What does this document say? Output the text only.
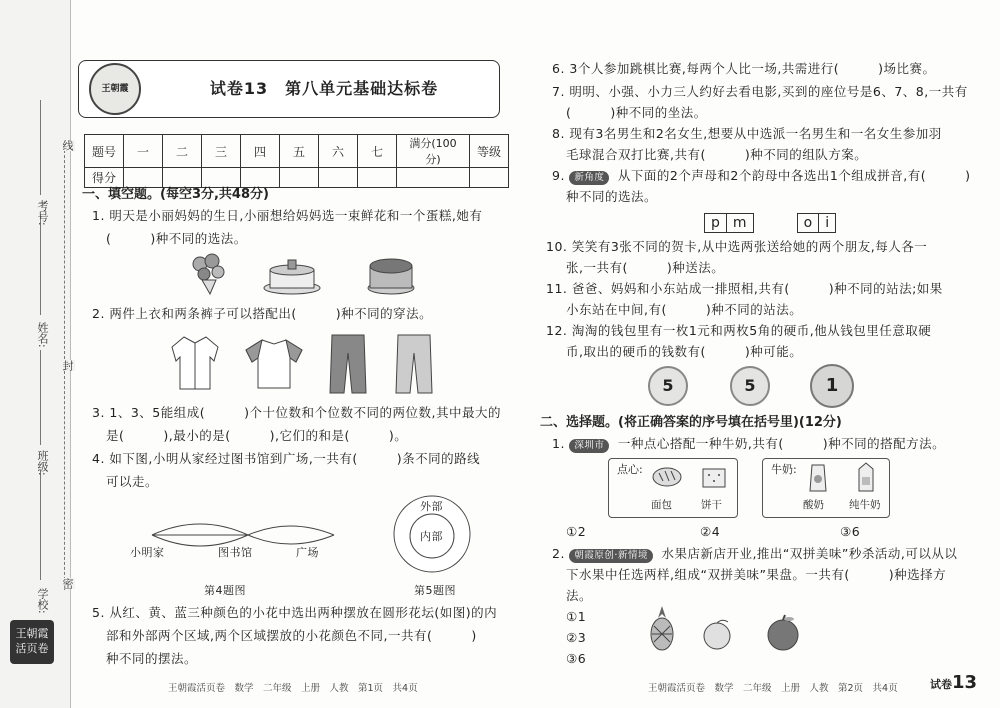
学校:
班级:
姓名:
考号:
线
封
密
王朝霞
活页卷
王朝霞	试卷13　第八单元基础达标卷
题号	一	二	三	四	五	六	七	满分(100分)	等级
得分									
一、填空题。(每空3分,共48分)
1. 明天是小丽妈妈的生日,小丽想给妈妈选一束鲜花和一个蛋糕,她有
(　　　)种不同的选法。
2. 两件上衣和两条裤子可以搭配出(　　　)种不同的穿法。
3. 1、3、5能组成(　　　)个十位数和个位数不同的两位数,其中最大的
是(　　　),最小的是(　　　),它们的和是(　　　)。
4. 如下图,小明从家经过图书馆到广场,一共有(　　　)条不同的路线
可以走。
小明家	图书馆	广场
第4题图
外部
内部
第5题图
5. 从红、黄、蓝三种颜色的小花中选出两种摆放在圆形花坛(如图)的内
部和外部两个区域,两个区域摆放的小花颜色不同,一共有(　　　)
种不同的摆法。
王朝霞活页卷　数学　二年级　上册　人教　第1页　共4页
6. 3个人参加跳棋比赛,每两个人比一场,共需进行(　　　)场比赛。
7. 明明、小强、小力三人约好去看电影,买到的座位号是6、7、8,一共有
(　　　)种不同的坐法。
8. 现有3名男生和2名女生,想要从中选派一名男生和一名女生参加羽
毛球混合双打比赛,共有(　　　)种不同的组队方案。
9. 新角度 从下面的2个声母和2个韵母中各选出1个组成拼音,有(　　　)
种不同的选法。
p m	o i
10. 笑笑有3张不同的贺卡,从中选两张送给她的两个朋友,每人各一
张,一共有(　　　)种送法。
11. 爸爸、妈妈和小东站成一排照相,共有(　　　)种不同的站法;如果
小东站在中间,有(　　　)种不同的站法。
12. 淘淘的钱包里有一枚1元和两枚5角的硬币,他从钱包里任意取硬
币,取出的硬币的钱数有(　　　)种可能。
5	5	1
二、选择题。(将正确答案的序号填在括号里)(12分)
1. 深圳市 一种点心搭配一种牛奶,共有(　　　)种不同的搭配方法。
点心:
面包	饼干
牛奶:
酸奶 纯牛奶
①2	②4	③6
2. 朝霞原创·新情境 水果店新店开业,推出“双拼美味”秒杀活动,可以从以
下水果中任选两样,组成“双拼美味”果盘。一共有(　　　)种选择方
法。
①1
②3
③6
王朝霞活页卷　数学　二年级　上册　人教　第2页　共4页	试卷13
